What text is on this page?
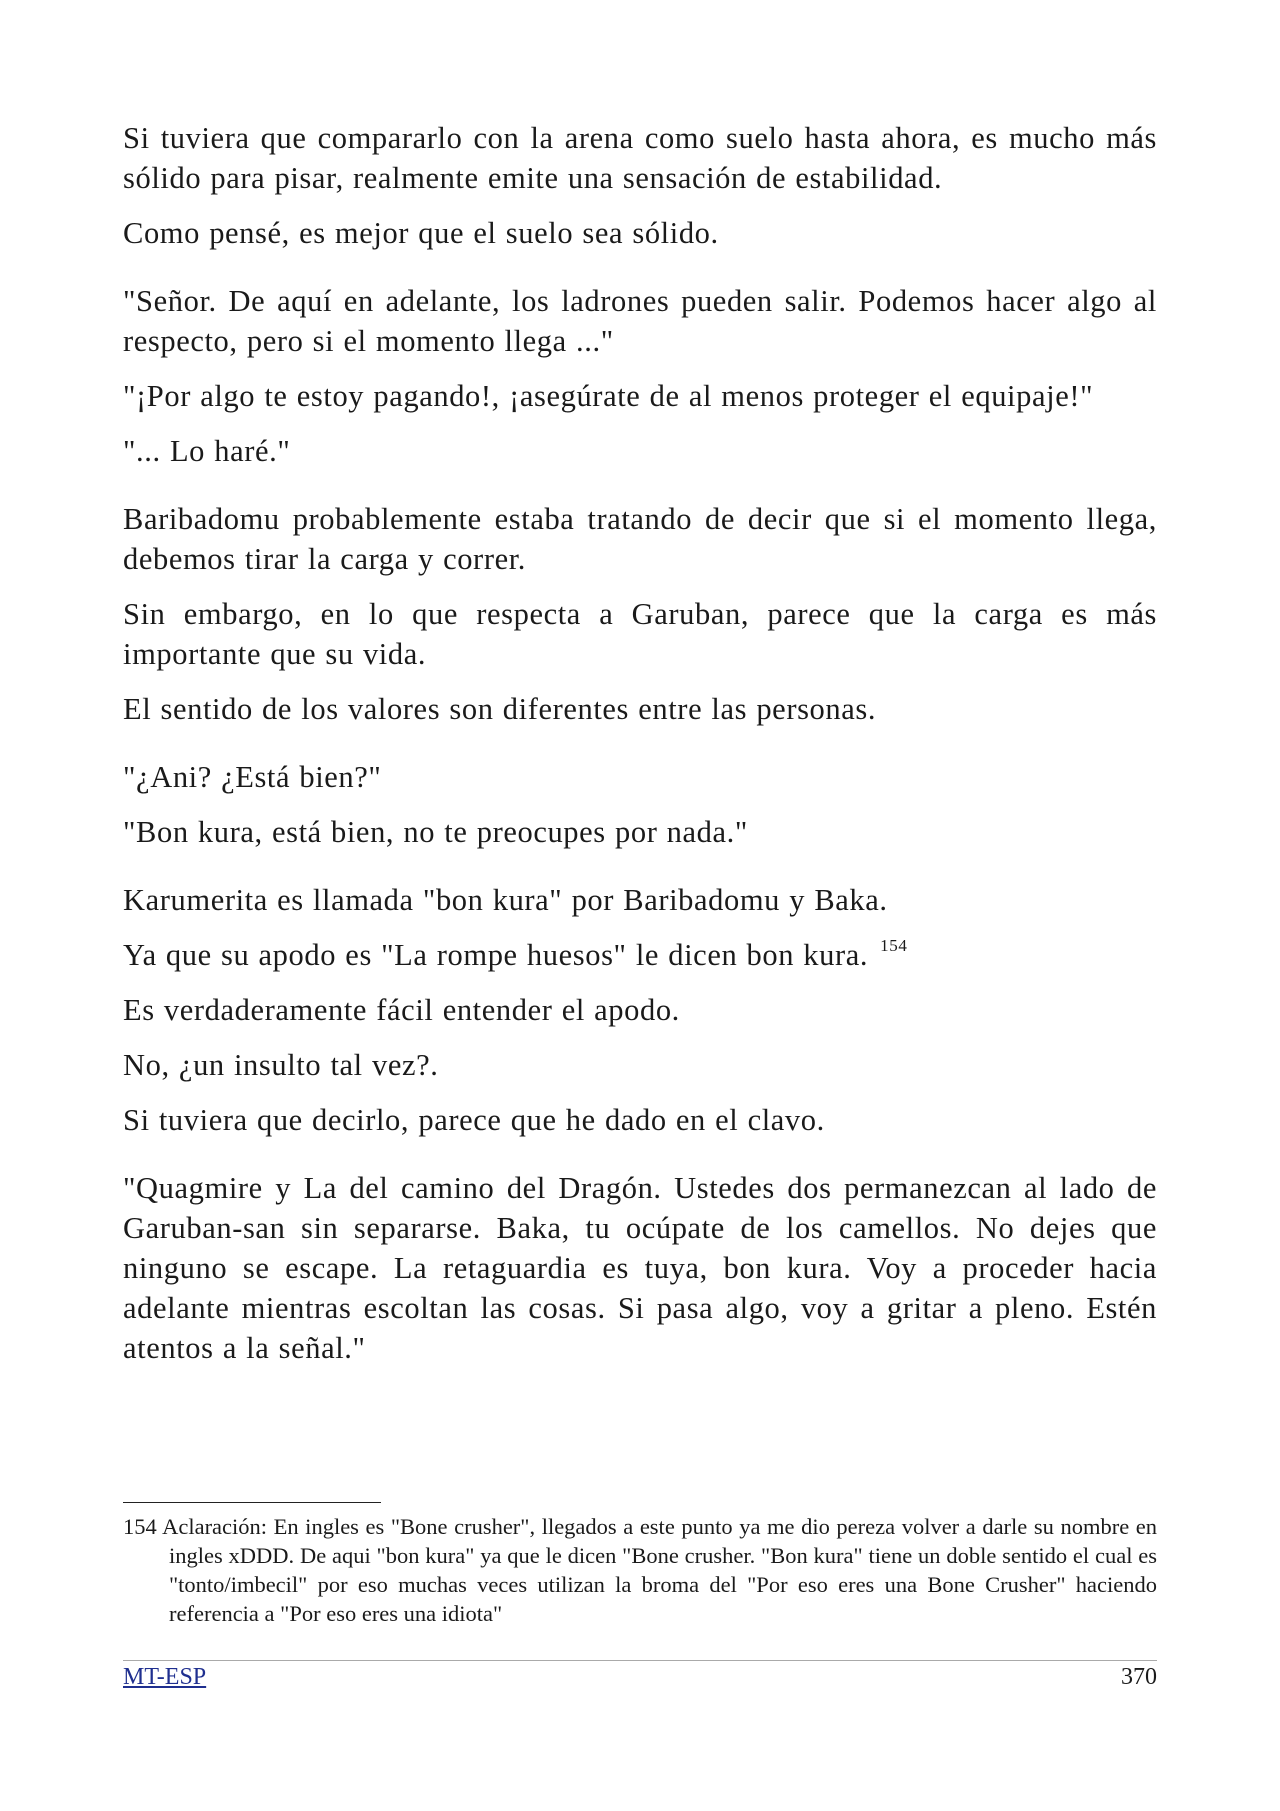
Si tuviera que compararlo con la arena como suelo hasta ahora, es mucho más sólido para pisar, realmente emite una sensación de estabilidad.

Como pensé, es mejor que el suelo sea sólido.

"Señor. De aquí en adelante, los ladrones pueden salir. Podemos hacer algo al respecto, pero si el momento llega ..."

"¡Por algo te estoy pagando!, ¡asegúrate de al menos proteger el equipaje!"

"... Lo haré."

Baribadomu probablemente estaba tratando de decir que si el momento llega, debemos tirar la carga y correr.

Sin embargo, en lo que respecta a Garuban, parece que la carga es más importante que su vida.

El sentido de los valores son diferentes entre las personas.

"¿Ani? ¿Está bien?"

"Bon kura, está bien, no te preocupes por nada."

Karumerita es llamada "bon kura" por Baribadomu y Baka.

Ya que su apodo es "La rompe huesos" le dicen bon kura. $^{154}$

Es verdaderamente fácil entender el apodo.

No, ¿un insulto tal vez?.

Si tuviera que decirlo, parece que he dado en el clavo.

"Quagmire y La del camino del Dragón. Ustedes dos permanezcan al lado de Garuban-san sin separarse. Baka, tu ocúpate de los camellos. No dejes que ninguno se escape. La retaguardia es tuya, bon kura. Voy a proceder hacia adelante mientras escoltan las cosas. Si pasa algo, voy a gritar a pleno. Estén atentos a la señal."

154 Aclaración: En ingles es "Bone crusher", llegados a este punto ya me dio pereza volver a darle su nombre en ingles xDDD. De aqui "bon kura" ya que le dicen "Bone crusher. "Bon kura" tiene un doble sentido el cual es "tonto/imbecil" por eso muchas veces utilizan la broma del "Por eso eres una Bone Crusher" haciendo referencia a "Por eso eres una idiota"
MT-ESP	370
